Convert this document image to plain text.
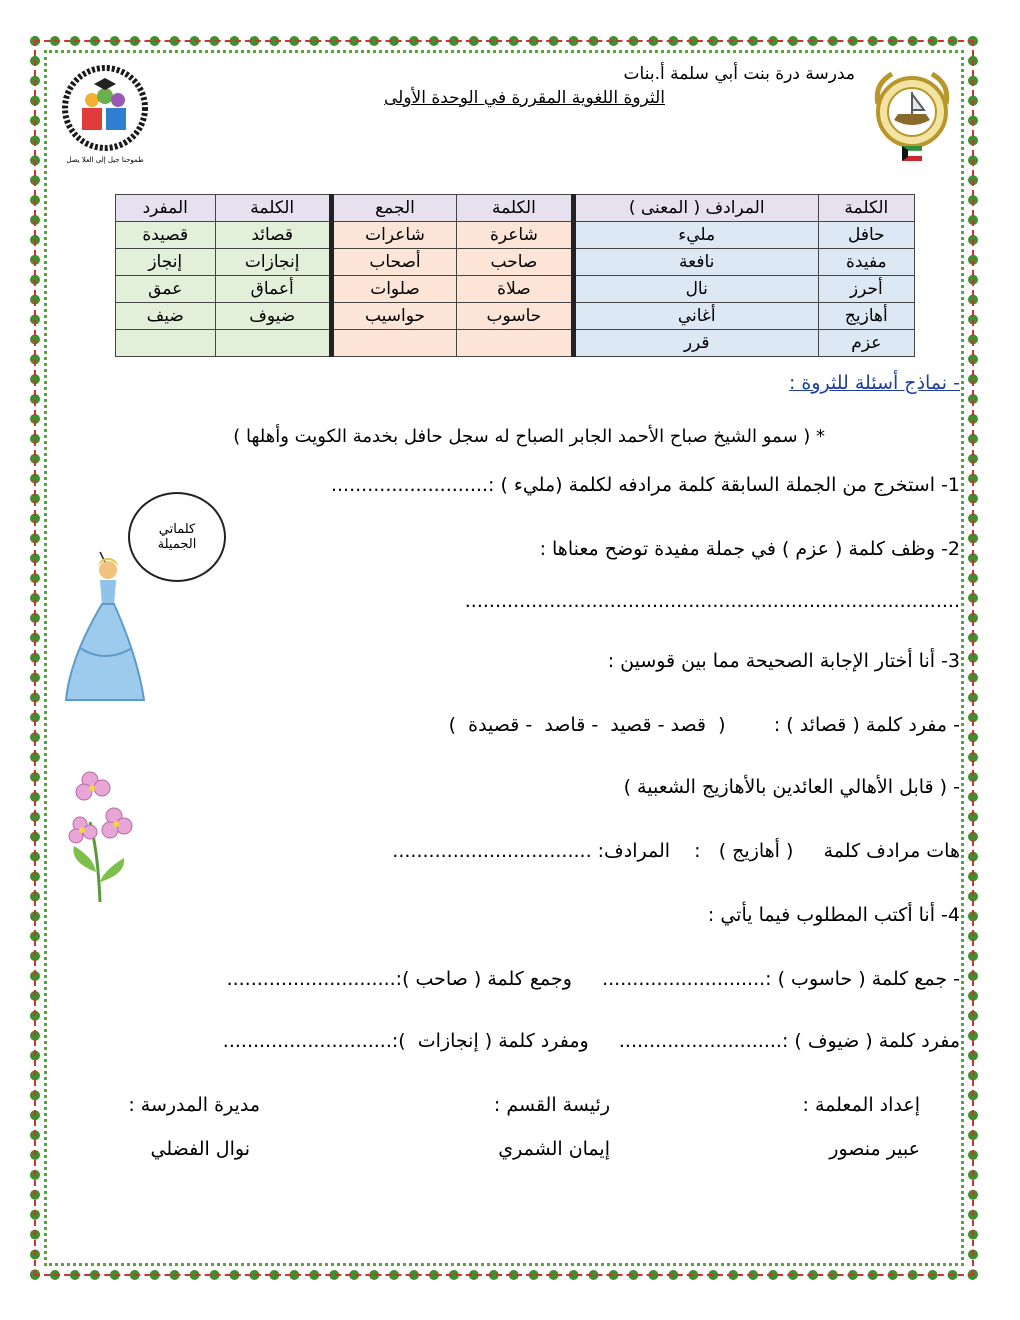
مدرسة درة بنت أبي سلمة أ.بنات
الثروة اللغوية المقررة في الوحدة الأولى
طموحنا جيل إلى العلا يصل
الكلمة	المرادف ( المعنى )	الكلمة	الجمع	الكلمة	المفرد
حافل	مليء	شاعرة	شاعرات	قصائد	قصيدة
مفيدة	نافعة	صاحب	أصحاب	إنجازات	إنجاز
أحرز	نال	صلاة	صلوات	أعماق	عمق
أهازيج	أغاني	حاسوب	حواسيب	ضيوف	ضيف
عزم	قرر				
- نماذج أسئلة للثروة :
* ( سمو الشيخ صباح الأحمد الجابر الصباح له سجل حافل بخدمة الكويت وأهلها )
1- استخرج من الجملة السابقة كلمة مرادفه لكلمة (مليء ) :..........................
2- وظف كلمة ( عزم ) في جملة مفيدة توضح معناها :
..................................................................................
3- أنا أختار الإجابة الصحيحة مما بين قوسين :
- مفرد كلمة ( قصائد ) :        (  قصد - قصيد  - قاصد  - قصيدة  )
- ( قابل الأهالي العائدين بالأهازيج الشعبية )
هات مرادف كلمة     ( أهازيج )   :    المرادف: .................................
4- أنا أكتب المطلوب فيما يأتي :
- جمع كلمة ( حاسوب ) :...........................     وجمع كلمة ( صاحب ):............................
مفرد كلمة ( ضيوف ) :...........................     ومفرد كلمة ( إنجازات  ):............................
كلماتي
الجميلة
إعداد المعلمة :
عبير منصور
رئيسة القسم :
إيمان الشمري
مديرة المدرسة :
نوال الفضلي
